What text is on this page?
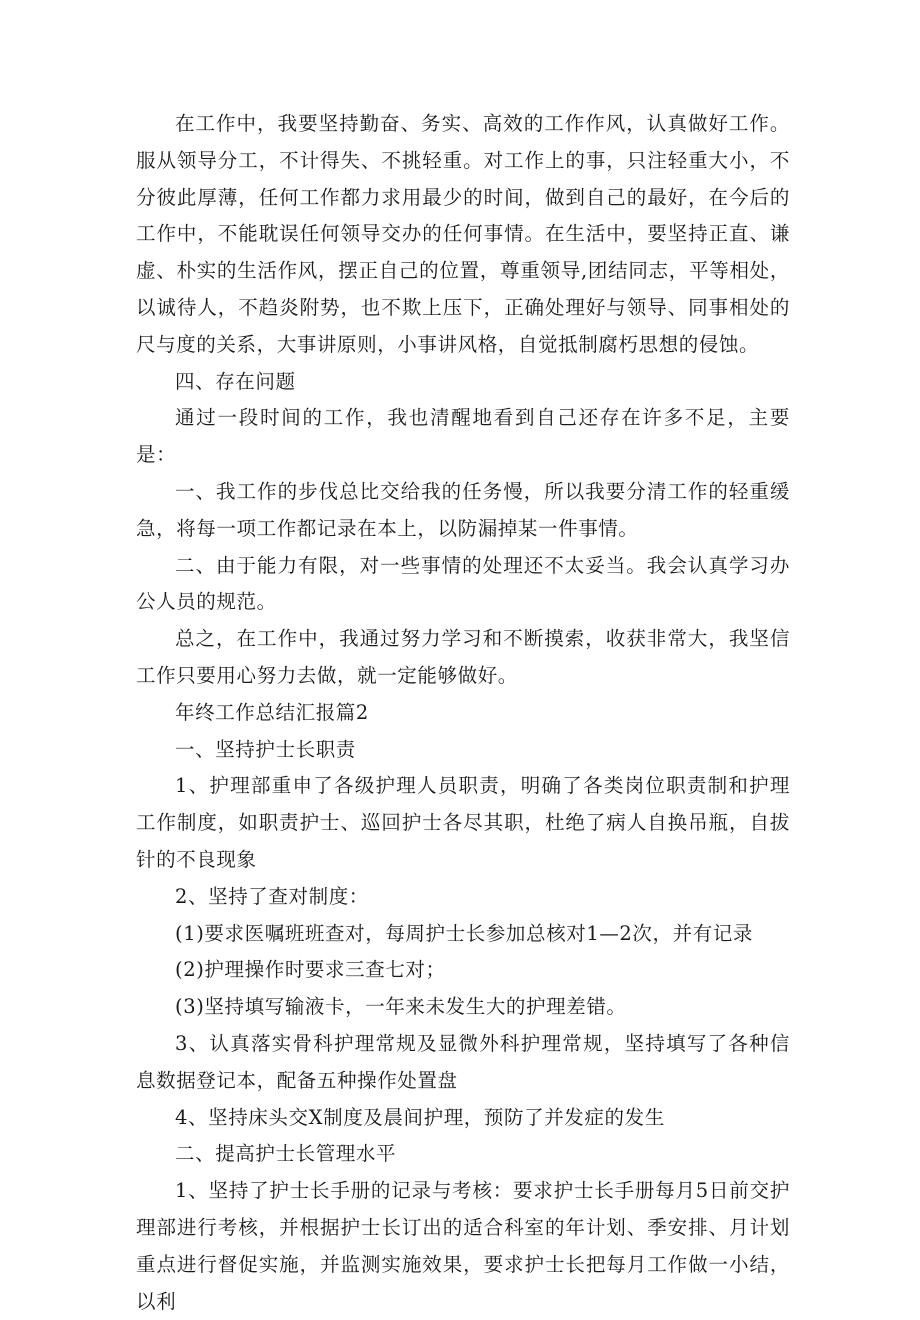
在工作中，我要坚持勤奋、务实、高效的工作作风，认真做好工作。服从领导分工，不计得失、不挑轻重。对工作上的事，只注轻重大小，不分彼此厚薄，任何工作都力求用最少的时间，做到自己的最好，在今后的工作中，不能耽误任何领导交办的任何事情。在生活中，要坚持正直、谦虚、朴实的生活作风，摆正自己的位置，尊重领导,团结同志，平等相处，以诚待人，不趋炎附势，也不欺上压下，正确处理好与领导、同事相处的尺与度的关系，大事讲原则，小事讲风格，自觉抵制腐朽思想的侵蚀。

四、存在问题

通过一段时间的工作，我也清醒地看到自己还存在许多不足，主要是：

一、我工作的步伐总比交给我的任务慢，所以我要分清工作的轻重缓急，将每一项工作都记录在本上，以防漏掉某一件事情。

二、由于能力有限，对一些事情的处理还不太妥当。我会认真学习办公人员的规范。

总之，在工作中，我通过努力学习和不断摸索，收获非常大，我坚信工作只要用心努力去做，就一定能够做好。

年终工作总结汇报篇2

一、坚持护士长职责

1、护理部重申了各级护理人员职责，明确了各类岗位职责制和护理工作制度，如职责护士、巡回护士各尽其职，杜绝了病人自换吊瓶，自拔针的不良现象

2、坚持了查对制度：

(1)要求医嘱班班查对，每周护士长参加总核对1—2次，并有记录

(2)护理操作时要求三查七对；

(3)坚持填写输液卡，一年来未发生大的护理差错。

3、认真落实骨科护理常规及显微外科护理常规，坚持填写了各种信息数据登记本，配备五种操作处置盘

4、坚持床头交X制度及晨间护理，预防了并发症的发生

二、提高护士长管理水平

1、坚持了护士长手册的记录与考核：要求护士长手册每月5日前交护理部进行考核，并根据护士长订出的适合科室的年计划、季安排、月计划重点进行督促实施，并监测实施效果，要求护士长把每月工作做一小结，以利
